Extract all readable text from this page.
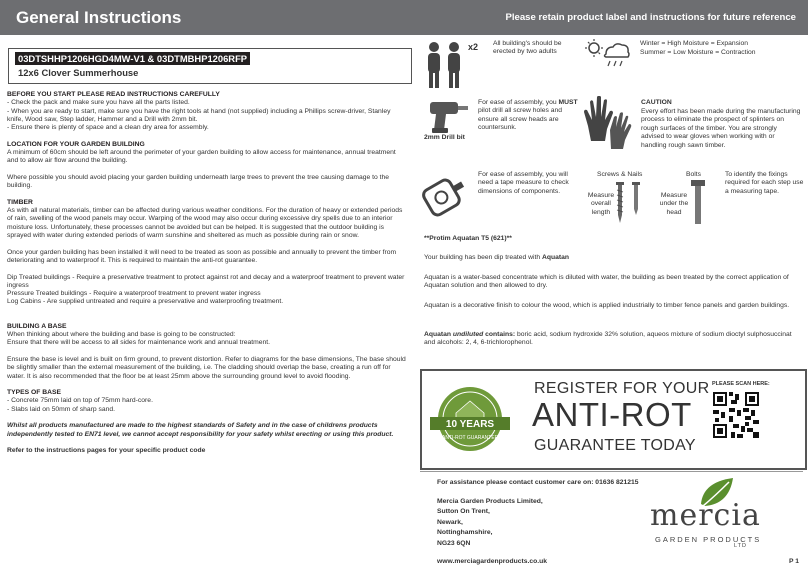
General Instructions	Please retain product label and instructions for future reference
03DTSHHP1206HGD4MW-V1 & 03DTMBHP1206RFP
12x6 Clover Summerhouse

BEFORE YOU START PLEASE READ INSTRUCTIONS CAREFULLY

- Check the pack and make sure you have all the parts listed.

- When you are ready to start, make sure you have the right tools at hand (not supplied) including a Phillips screw-driver, Stanley knife, Wood saw, Step ladder, Hammer and a Drill with 2mm bit.

- Ensure there is plenty of space and a clean dry area for assembly.

LOCATION FOR YOUR GARDEN BUILDING

A minimum of 60cm should be left around the perimeter of your garden building to allow access for maintenance, annual treatment and to allow air flow around the building.

Where possible you should avoid placing your garden building underneath large trees to prevent the tree causing damage to the building.

TIMBER

As with all natural materials, timber can be affected during various weather conditions. For the duration of heavy or extended periods of rain, swelling of the wood panels may occur. Warping of the wood may also occur during excessive dry spells due to an interior moisture loss. Unfortunately, these processes cannot be avoided but can be helped. It is suggested that the outdoor building is sprayed with water during extended periods of warm sunshine and sheltered as much as possible during rain or snow.

Once your garden building has been installed it will need to be treated as soon as possible and annually to prevent the timber from deteriorating and to waterproof it. This is required to maintain the anti-rot guarantee.

Dip Treated buildings - Require a preservative treatment to protect against rot and decay and a waterproof treatment to prevent water ingress

Pressure Treated buildings - Require a waterproof treatment to prevent water ingress

Log Cabins - Are supplied untreated and require a preservative and waterproofing treatment.

BUILDING A BASE

When thinking about where the building and base is going to be constructed:

Ensure that there will be access to all sides for maintenance work and annual treatment.

Ensure the base is level and is built on firm ground, to prevent distortion. Refer to diagrams for the base dimensions, The base should be slightly smaller than the external measurement of the building, i.e. The cladding should overlap the base, creating a run off for water. It is also recommended that the floor be at least 25mm above the surrounding ground level to avoid flooding.

TYPES OF BASE

- Concrete 75mm laid on top of 75mm hard-core.

- Slabs laid on 50mm of sharp sand.

Whilst all products manufactured are made to the highest standards of Safety and in the case of childrens products independently tested to EN71 level, we cannot accept responsibility for your safety whilst erecting or using this product.

Refer to the instructions pages for your specific product code

x2 All building's should be erected by two adults
Winter = High Moisture = Expansion
Summer = Low Moisture = Contraction
2mm Drill bit
For ease of assembly, you MUST pilot drill all screw holes and ensure all screw heads are countersunk.
CAUTION
Every effort has been made during the manufacturing process to eliminate the prospect of splinters on rough surfaces of the timber. You are strongly advised to wear gloves when working with or handling rough sawn timber.
For ease of assembly, you will need a tape measure to check dimensions of components.
Screws & Nails	Bolts
Measure overall length
Measure under the head
To identify the fixings required for each step use a measuring tape.
**Protim Aquatan T5 (621)**
Your building has been dip treated with Aquatan
Aquatan is a water-based concentrate which is diluted with water, the building as been treated by the correct application of Aquatan solution and then allowed to dry.
Aquatan is a decorative finish to colour the wood, which is applied industrially to timber fence panels and garden buildings.
Aquatan undiluted contains: boric acid, sodium hydroxide 32% solution, aqueos mixture of sodium dioctyl sulphosuccinat and alcohols: 2, 4, 6-trichlorophenol.
10 YEARS
ANTI-ROT GUARANTEE
REGISTER FOR YOUR
ANTI-ROT
GUARANTEE TODAY
PLEASE SCAN HERE:
For assistance please contact customer care on: 01636 821215

Mercia Garden Products Limited,

Sutton On Trent,

Newark,

Nottinghamshire,

NG23 6QN

www.merciagardenproducts.co.uk	P 1
mercia
GARDEN PRODUCTS
LTD
